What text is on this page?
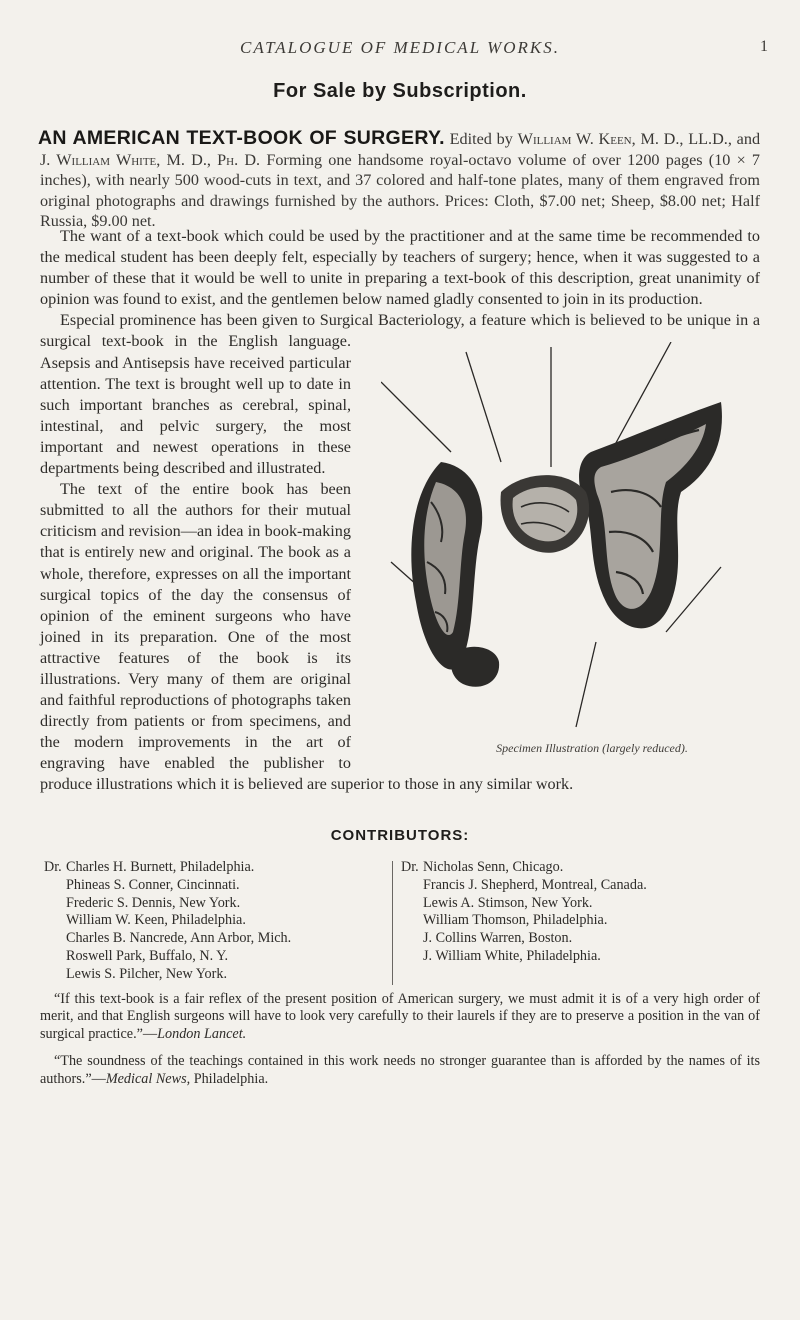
CATALOGUE OF MEDICAL WORKS.	1
For Sale by Subscription.
AN AMERICAN TEXT-BOOK OF SURGERY. Edited by William W. Keen, M. D., LL.D., and J. William White, M. D., Ph. D. Forming one handsome royal-octavo volume of over 1200 pages (10 × 7 inches), with nearly 500 wood-cuts in text, and 37 colored and half-tone plates, many of them engraved from original photographs and drawings furnished by the authors. Prices: Cloth, $7.00 net; Sheep, $8.00 net; Half Russia, $9.00 net.
The want of a text-book which could be used by the practitioner and at the same time be recommended to the medical student has been deeply felt, especially by teachers of surgery; hence, when it was suggested to a number of these that it would be well to unite in preparing a text-book of this description, great unanimity of opinion was found to exist, and the gentlemen below named gladly consented to join in its production.
Specimen Illustration (largely reduced).
Especial prominence has been given to Surgical Bacteriology, a feature which is believed to be unique in a surgical text-book in the English language. Asepsis and Antisepsis have received particular attention. The text is brought well up to date in such important branches as cerebral, spinal, intestinal, and pelvic surgery, the most important and newest operations in these departments being described and illustrated.
The text of the entire book has been submitted to all the authors for their mutual criticism and revision—an idea in book-making that is entirely new and original. The book as a whole, therefore, expresses on all the important surgical topics of the day the consensus of opinion of the eminent surgeons who have joined in its preparation. One of the most attractive features of the book is its illustrations. Very many of them are original and faithful reproductions of photographs taken directly from patients or from specimens, and the modern improvements in the art of engraving have enabled the publisher to produce illustrations which it is believed are superior to those in any similar work.
CONTRIBUTORS:
Dr. Charles H. Burnett, Philadelphia.
Phineas S. Conner, Cincinnati.
Frederic S. Dennis, New York.
William W. Keen, Philadelphia.
Charles B. Nancrede, Ann Arbor, Mich.
Roswell Park, Buffalo, N. Y.
Lewis S. Pilcher, New York.
Dr. Nicholas Senn, Chicago.
Francis J. Shepherd, Montreal, Canada.
Lewis A. Stimson, New York.
William Thomson, Philadelphia.
J. Collins Warren, Boston.
J. William White, Philadelphia.

“If this text-book is a fair reflex of the present position of American surgery, we must admit it is of a very high order of merit, and that English surgeons will have to look very carefully to their laurels if they are to preserve a position in the van of surgical practice.”—London Lancet.

“The soundness of the teachings contained in this work needs no stronger guarantee than is afforded by the names of its authors.”—Medical News, Philadelphia.
